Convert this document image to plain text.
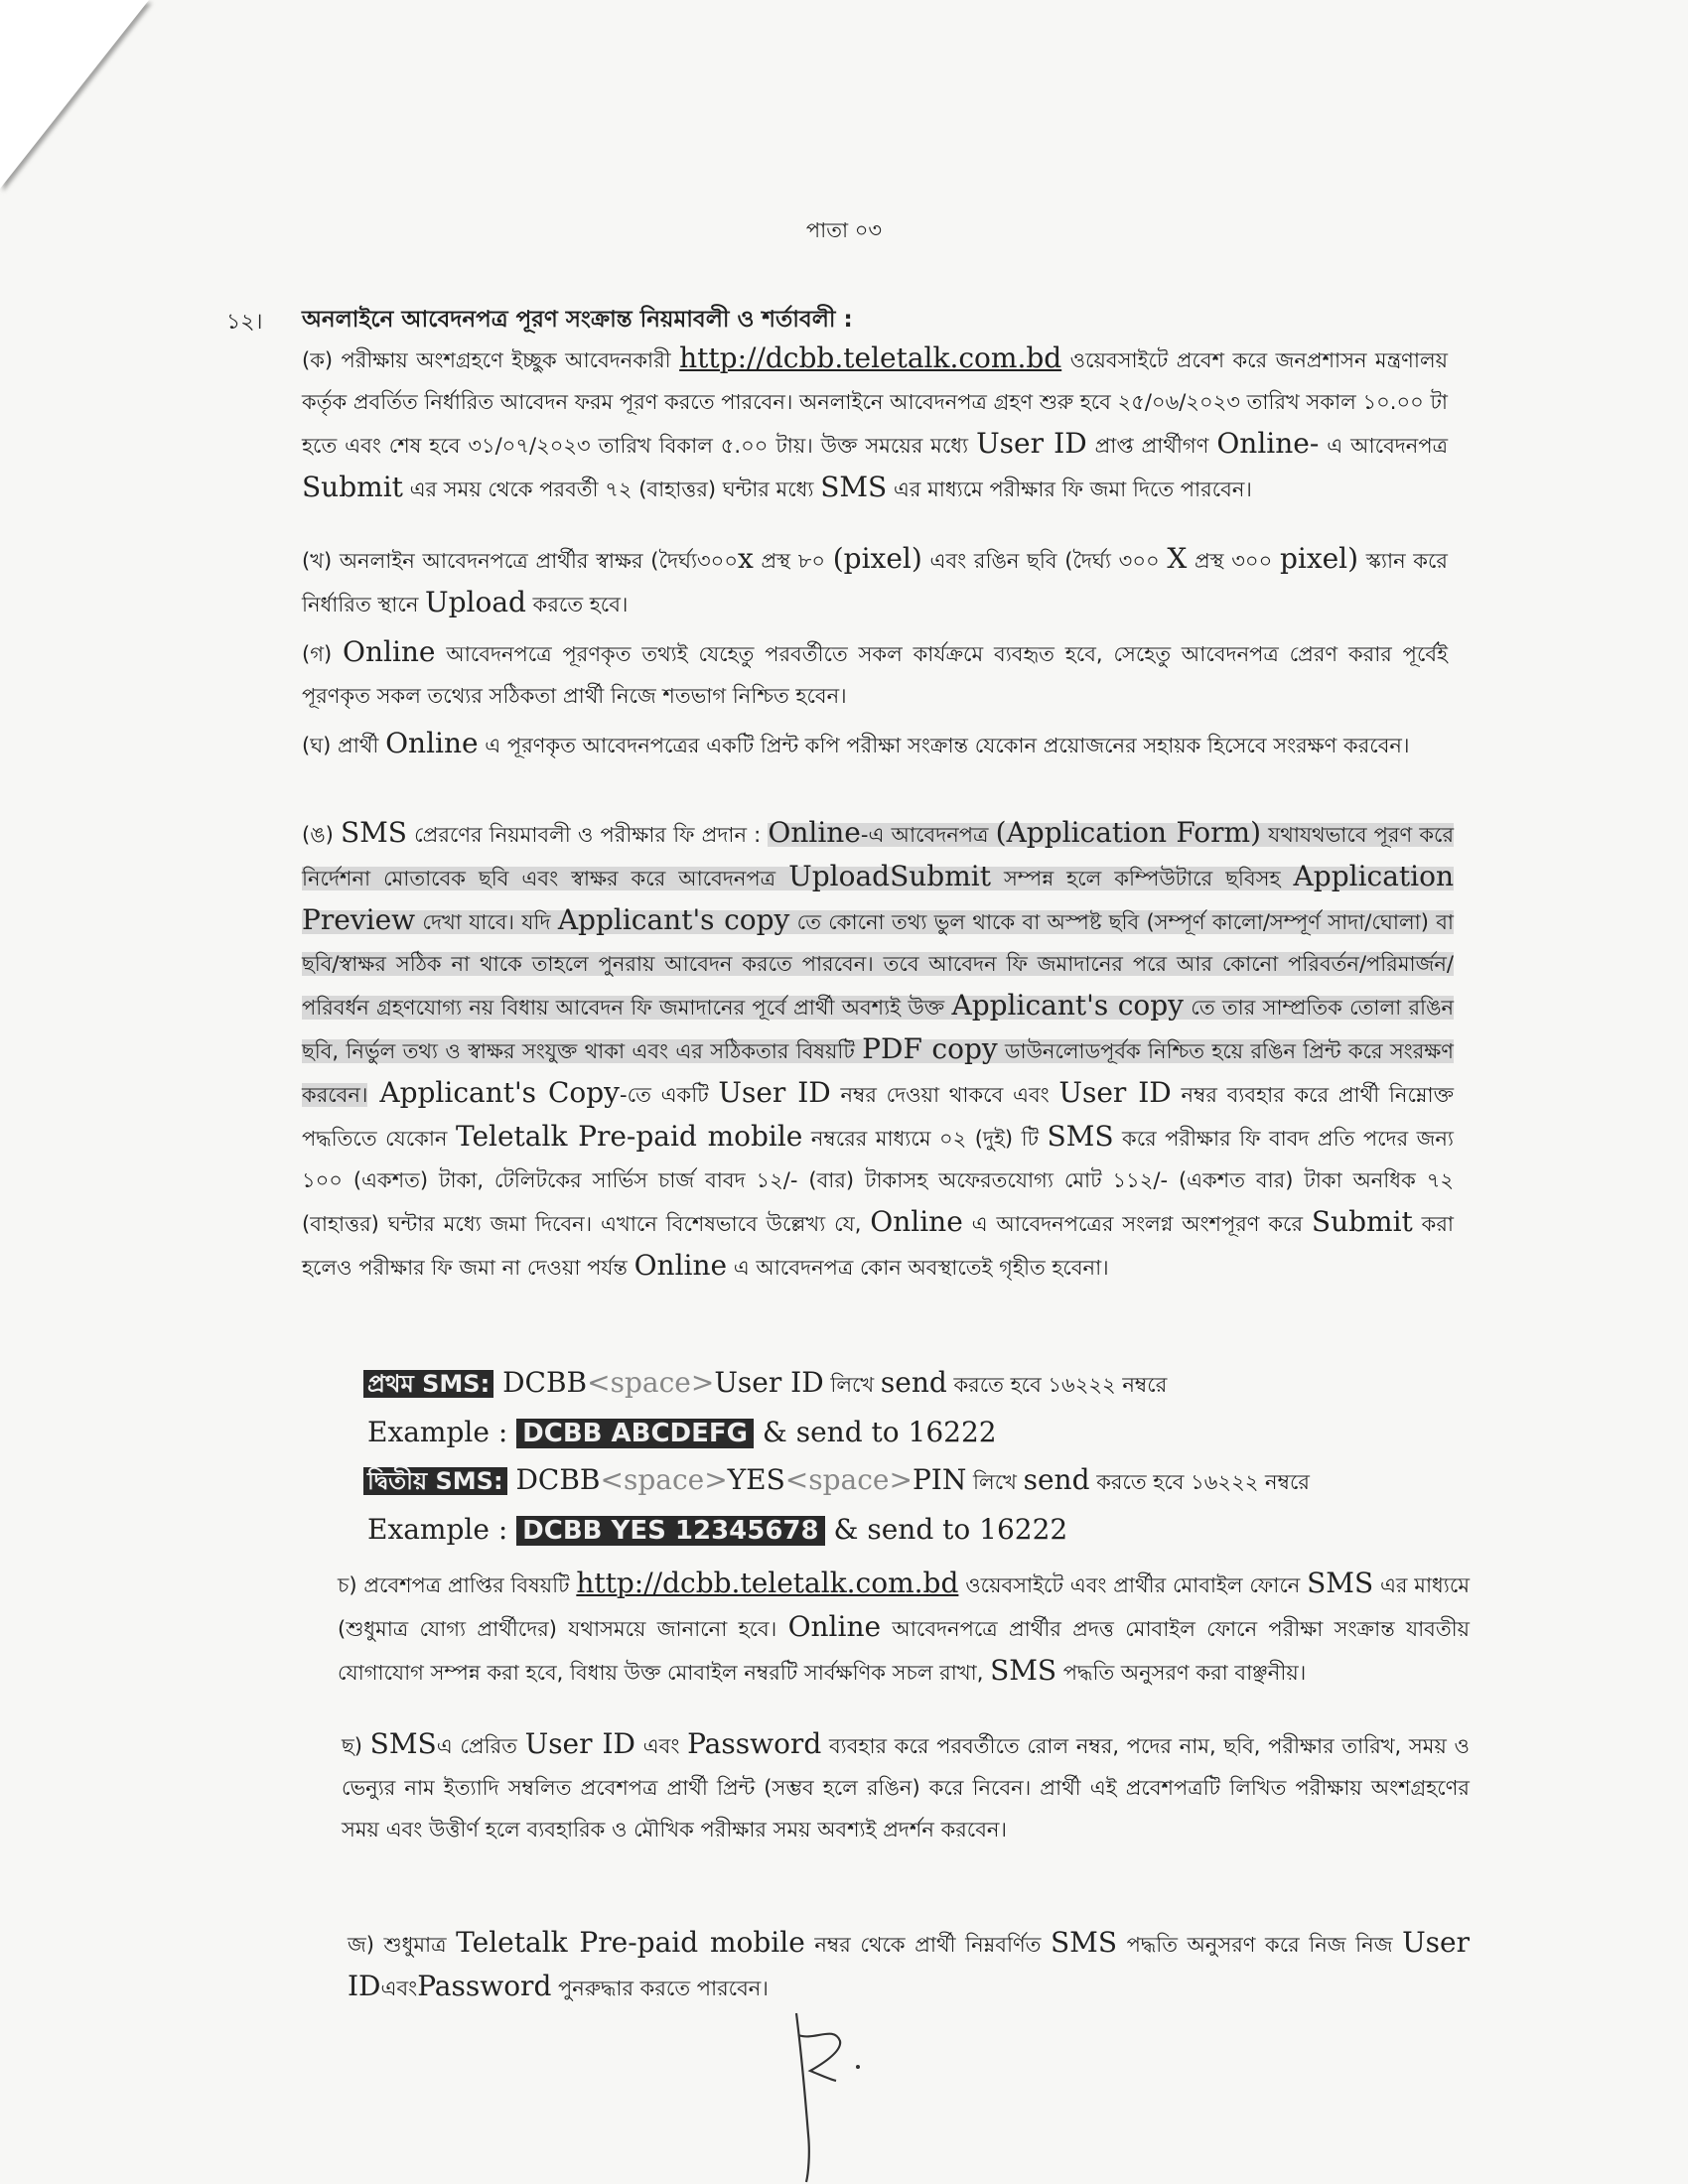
পাতা ০৩
১২। অনলাইনে আবেদনপত্র পূরণ সংক্রান্ত নিয়মাবলী ও শর্তাবলী :
(ক) পরীক্ষায় অংশগ্রহণে ইচ্ছুক আবেদনকারী http://dcbb.teletalk.com.bd ওয়েবসাইটে প্রবেশ করে জনপ্রশাসন মন্ত্রণালয় কর্তৃক প্রবর্তিত নির্ধারিত আবেদন ফরম পূরণ করতে পারবেন। অনলাইনে আবেদনপত্র গ্রহণ শুরু হবে ২৫/০৬/২০২৩ তারিখ সকাল ১০.০০ টা হতে এবং শেষ হবে ৩১/০৭/২০২৩ তারিখ বিকাল ৫.০০ টায়। উক্ত সময়ের মধ্যে User ID প্রাপ্ত প্রার্থীগণ Online- এ আবেদনপত্র Submit এর সময় থেকে পরবর্তী ৭২ (বাহাত্তর) ঘন্টার মধ্যে SMS এর মাধ্যমে পরীক্ষার ফি জমা দিতে পারবেন।
(খ) অনলাইন আবেদনপত্রে প্রার্থীর স্বাক্ষর (দৈর্ঘ্য৩০০x প্রস্থ ৮০ (pixel) এবং রঙিন ছবি (দৈর্ঘ্য ৩০০ X প্রস্থ ৩০০ pixel) স্ক্যান করে নির্ধারিত স্থানে Upload করতে হবে।
(গ) Online আবেদনপত্রে পূরণকৃত তথ্যই যেহেতু পরবর্তীতে সকল কার্যক্রমে ব্যবহৃত হবে, সেহেতু আবেদনপত্র প্রেরণ করার পূর্বেই পূরণকৃত সকল তথ্যের সঠিকতা প্রার্থী নিজে শতভাগ নিশ্চিত হবেন।
(ঘ) প্রার্থী Online এ পূরণকৃত আবেদনপত্রের একটি প্রিন্ট কপি পরীক্ষা সংক্রান্ত যেকোন প্রয়োজনের সহায়ক হিসেবে সংরক্ষণ করবেন।
(ঙ) SMS প্রেরণের নিয়মাবলী ও পরীক্ষার ফি প্রদান : Online-এ আবেদনপত্র (Application Form) যথাযথভাবে পূরণ করে নির্দেশনা মোতাবেক ছবি এবং স্বাক্ষর করে আবেদনপত্র UploadSubmit সম্পন্ন হলে কম্পিউটারে ছবিসহ Application Preview দেখা যাবে। যদি Applicant's copy তে কোনো তথ্য ভুল থাকে বা অস্পষ্ট ছবি (সম্পূর্ণ কালো/সম্পূর্ণ সাদা/ঘোলা) বা ছবি/স্বাক্ষর সঠিক না থাকে তাহলে পুনরায় আবেদন করতে পারবেন। তবে আবেদন ফি জমাদানের পরে আর কোনো পরিবর্তন/পরিমার্জন/পরিবর্ধন গ্রহণযোগ্য নয় বিধায় আবেদন ফি জমাদানের পূর্বে প্রার্থী অবশ্যই উক্ত Applicant's copy তে তার সাম্প্রতিক তোলা রঙিন ছবি, নির্ভুল তথ্য ও স্বাক্ষর সংযুক্ত থাকা এবং এর সঠিকতার বিষয়টি PDF copy ডাউনলোডপূর্বক নিশ্চিত হয়ে রঙিন প্রিন্ট করে সংরক্ষণ করবেন। Applicant's Copy-তে একটি User ID নম্বর দেওয়া থাকবে এবং User ID নম্বর ব্যবহার করে প্রার্থী নিম্নোক্ত পদ্ধতিতে যেকোন Teletalk Pre-paid mobile নম্বরের মাধ্যমে ০২ (দুই) টি SMS করে পরীক্ষার ফি বাবদ প্রতি পদের জন্য ১০০ (একশত) টাকা, টেলিটকের সার্ভিস চার্জ বাবদ ১২/- (বার) টাকাসহ অফেরতযোগ্য মোট ১১২/- (একশত বার) টাকা অনধিক ৭২ (বাহাত্তর) ঘন্টার মধ্যে জমা দিবেন। এখানে বিশেষভাবে উল্লেখ্য যে, Online এ আবেদনপত্রের সংলগ্ন অংশপূরণ করে Submit করা হলেও পরীক্ষার ফি জমা না দেওয়া পর্যন্ত Online এ আবেদনপত্র কোন অবস্থাতেই গৃহীত হবেনা।
প্রথম SMS: DCBB<space>User ID লিখে send করতে হবে ১৬২২২ নম্বরে
Example : DCBB ABCDEFG & send to 16222
দ্বিতীয় SMS: DCBB<space>YES<space>PIN লিখে send করতে হবে ১৬২২২ নম্বরে
Example : DCBB YES 12345678 & send to 16222
চ) প্রবেশপত্র প্রাপ্তির বিষয়টি http://dcbb.teletalk.com.bd ওয়েবসাইটে এবং প্রার্থীর মোবাইল ফোনে SMS এর মাধ্যমে (শুধুমাত্র যোগ্য প্রার্থীদের) যথাসময়ে জানানো হবে। Online আবেদনপত্রে প্রার্থীর প্রদত্ত মোবাইল ফোনে পরীক্ষা সংক্রান্ত যাবতীয় যোগাযোগ সম্পন্ন করা হবে, বিধায় উক্ত মোবাইল নম্বরটি সার্বক্ষণিক সচল রাখা, SMS পদ্ধতি অনুসরণ করা বাঞ্ছনীয়।
ছ) SMSএ প্রেরিত User ID এবং Password ব্যবহার করে পরবর্তীতে রোল নম্বর, পদের নাম, ছবি, পরীক্ষার তারিখ, সময় ও ভেন্যুর নাম ইত্যাদি সম্বলিত প্রবেশপত্র প্রার্থী প্রিন্ট (সম্ভব হলে রঙিন) করে নিবেন। প্রার্থী এই প্রবেশপত্রটি লিখিত পরীক্ষায় অংশগ্রহণের সময় এবং উত্তীর্ণ হলে ব্যবহারিক ও মৌখিক পরীক্ষার সময় অবশ্যই প্রদর্শন করবেন।
জ) শুধুমাত্র Teletalk Pre-paid mobile নম্বর থেকে প্রার্থী নিম্নবর্ণিত SMS পদ্ধতি অনুসরণ করে নিজ নিজ User IDএবংPassword পুনরুদ্ধার করতে পারবেন।
